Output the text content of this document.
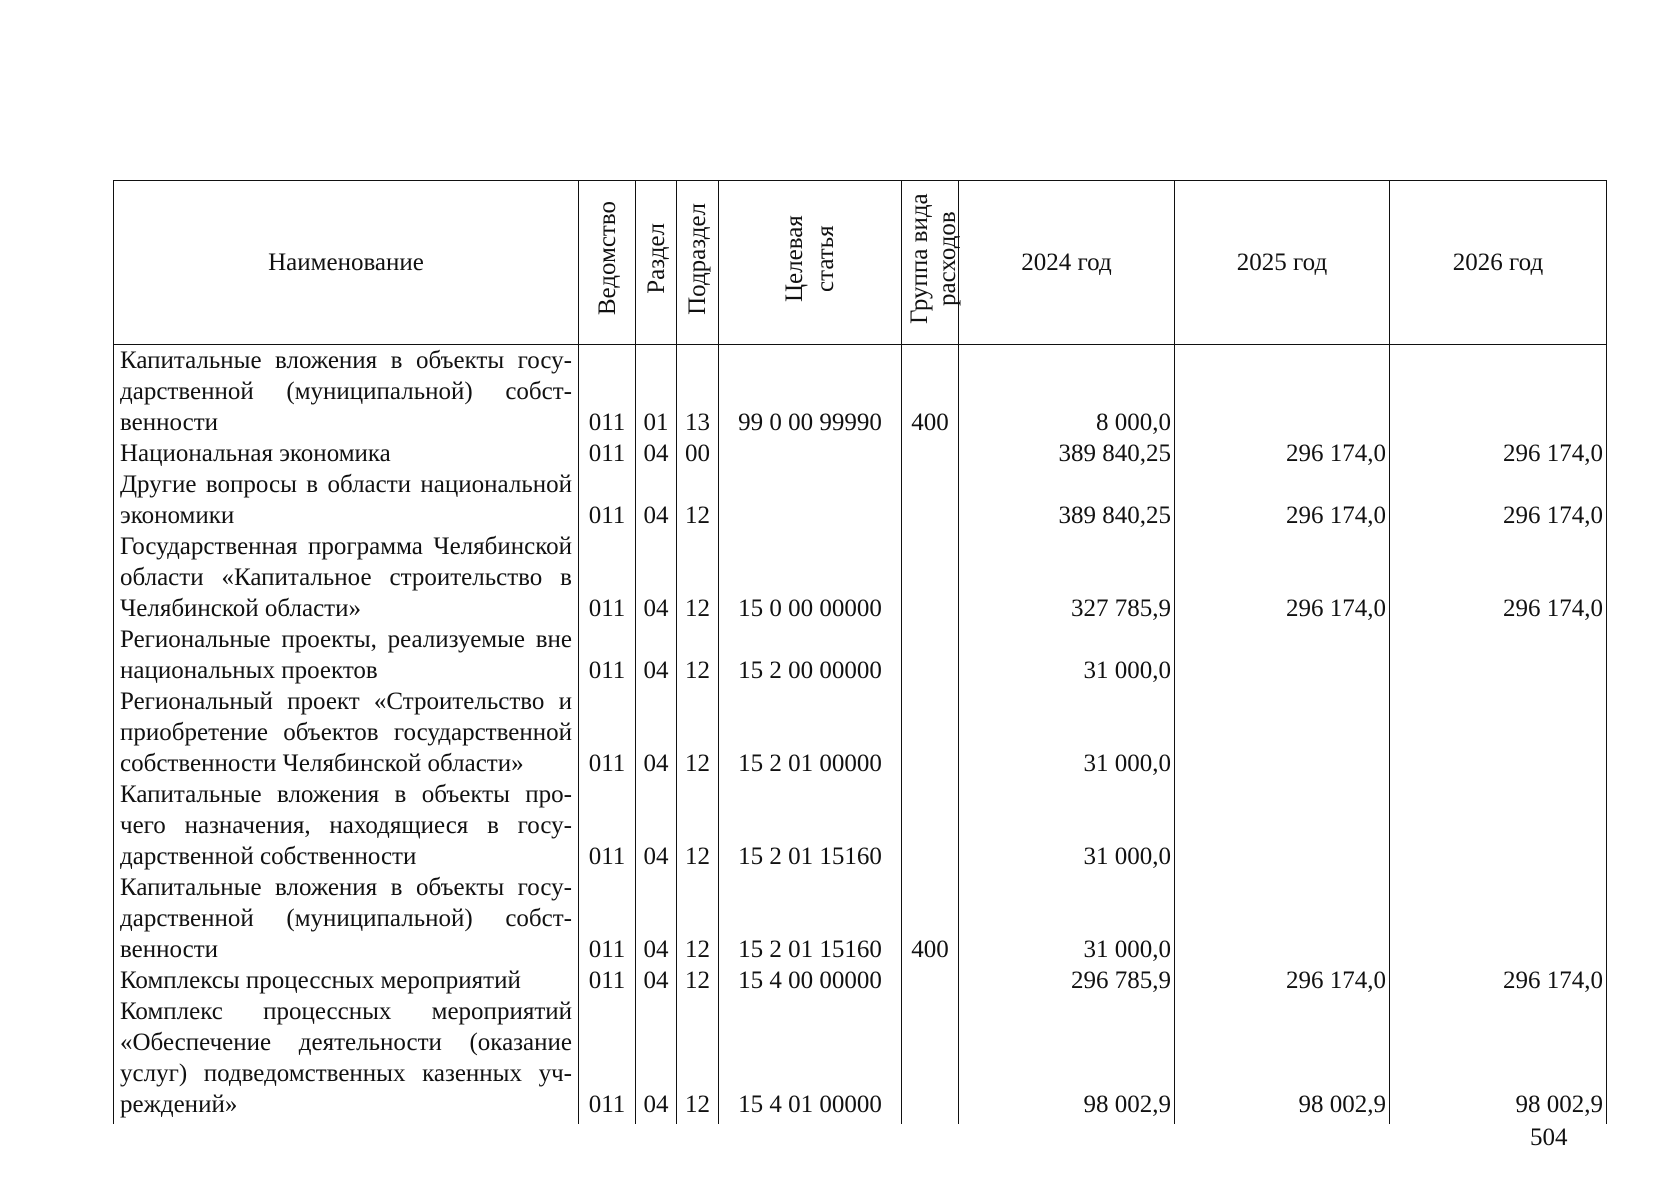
Наименование	Ведомство	Раздел	Подраздел	Целевая статья	Группа вида расходов	2024 год	2025 год	2026 год
Капитальные вложения в объекты государственной (муниципальной) собственности	011	01	13	99 0 00 99990	400	8 000,0		
Национальная экономика	011	04	00			389 840,25	296 174,0	296 174,0
Другие вопросы в области национальной экономики	011	04	12			389 840,25	296 174,0	296 174,0
Государственная программа Челябинской области «Капитальное строительство в Челябинской области»	011	04	12	15 0 00 00000		327 785,9	296 174,0	296 174,0
Региональные проекты, реализуемые вне национальных проектов	011	04	12	15 2 00 00000		31 000,0		
Региональный проект «Строительство и приобретение объектов государственной собственности Челябинской области»	011	04	12	15 2 01 00000		31 000,0		
Капитальные вложения в объекты прочего назначения, находящиеся в государственной собственности	011	04	12	15 2 01 15160		31 000,0		
Капитальные вложения в объекты государственной (муниципальной) собственности	011	04	12	15 2 01 15160	400	31 000,0		
Комплексы процессных мероприятий	011	04	12	15 4 00 00000		296 785,9	296 174,0	296 174,0
Комплекс процессных мероприятий «Обеспечение деятельности (оказание услуг) подведомственных казенных учреждений»	011	04	12	15 4 01 00000		98 002,9	98 002,9	98 002,9
504
